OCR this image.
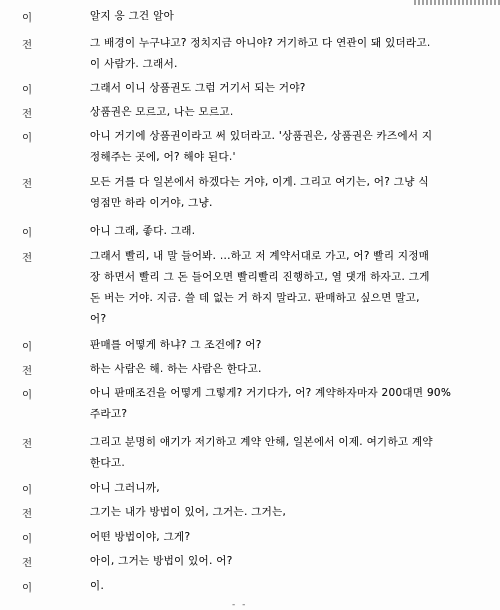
이	알지 응 그건 알아
전	그 배경이 누구냐고? 정치지금 아니야? 거기하고 다 연관이 돼 있더라고.
이 사람가. 그래서.
이	그래서 이니 상품권도 그럼 거기서 되는 거야?
전	상품권은 모르고, 나는 모르고.
이	아니 거기에 상품권이라고 써 있더라고. '상품권은, 상품권은 카즈에서 지
정해주는 곳에, 어? 해야 된다.'
전	모든 거를 다 일본에서 하겠다는 거야, 이게. 그리고 여기는, 어? 그냥 식
영점만 하라 이거야, 그냥.
이	아니 그래, 좋다. 그래.
전	그래서 빨리, 내 말 들어봐. ...하고 저 계약서대로 가고, 어? 빨리 지정매
장 하면서 빨리 그 돈 들어오면 빨리빨리 진행하고, 열 댓개 하자고. 그게
돈 버는 거야. 지금. 쓸 데 없는 거 하지 말라고. 판매하고 싶으면 말고,
어?
이	판매를 어떻게 하냐? 그 조건에? 어?
전	하는 사람은 해. 하는 사람은 한다고.
이	아니 판매조건을 어떻게 그렇게? 거기다가, 어? 계약하자마자 200대면 90%
주라고?
전	그리고 분명히 얘기가 저기하고 계약 안해, 일본에서 이제. 여기하고 계약
한다고.
이	아니 그러니까,
전	그기는 내가 방법이 있어, 그거는. 그거는,
이	어떤 방법이야, 그게?
전	아이, 그거는 방법이 있어. 어?
이	이.
- -
